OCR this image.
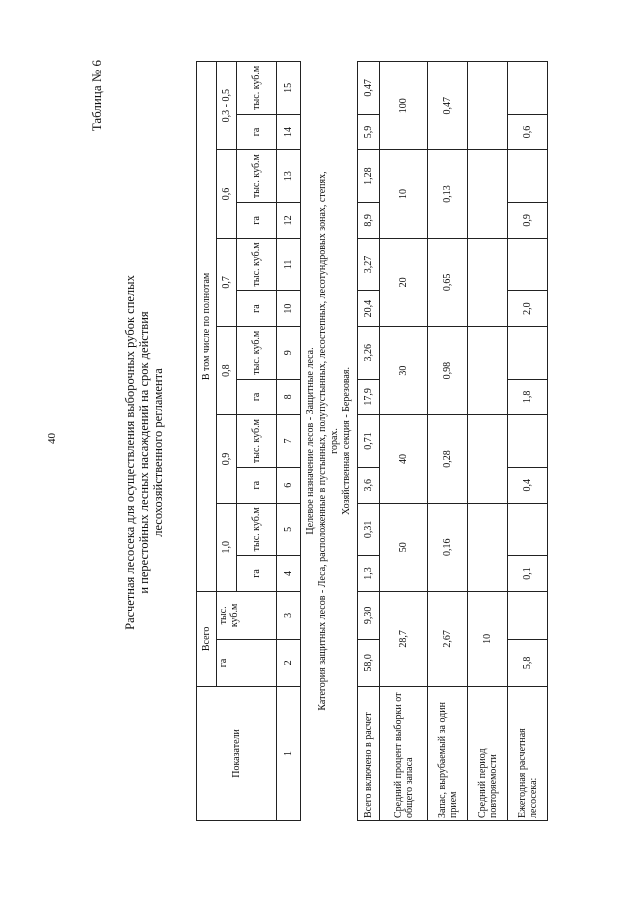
40
Таблица № 6
Расчетная лесосека для осуществления выборочных рубок спелых и перестойных лесных насаждений на срок действия лесохозяйственного регламента
Показатели	Всего		В том числе по полнотам											
	га	тыс. куб.м	1,0		0,9		0,8		0,7		0,6		0,3 - 0,5	
			га	тыс. куб.м	га	тыс. куб.м	га	тыс. куб.м	га	тыс. куб.м	га	тыс. куб.м	га	тыс. куб.м
1	2	3	4	5	6	7	8	9	10	11	12	13	14	15

Целевое назначение лесов - Защитные леса. Категория защитных лесов - Леса, расположенные в пустынных, полупустынных, лесостепных, лесотундровых зонах, степях, горах. Хозяйственная секция - Березовая.														

Всего включено в расчет	58,0	9,30	1,3	0,31	3,6	0,71	17,9	3,26	20,4	3,27	8,9	1,28	5,9	0,47
Средний процент выборки от общего запаса	28,7		50		40		30		20		10		100	
Запас, вырубаемый за один прием	2,67		0,16		0,28		0,98		0,65		0,13		0,47	
Средний период повторяемости	10													
Ежегодная расчетная лесосека:	5,8		0,1		0,4		1,8		2,0		0,9		0,6	
